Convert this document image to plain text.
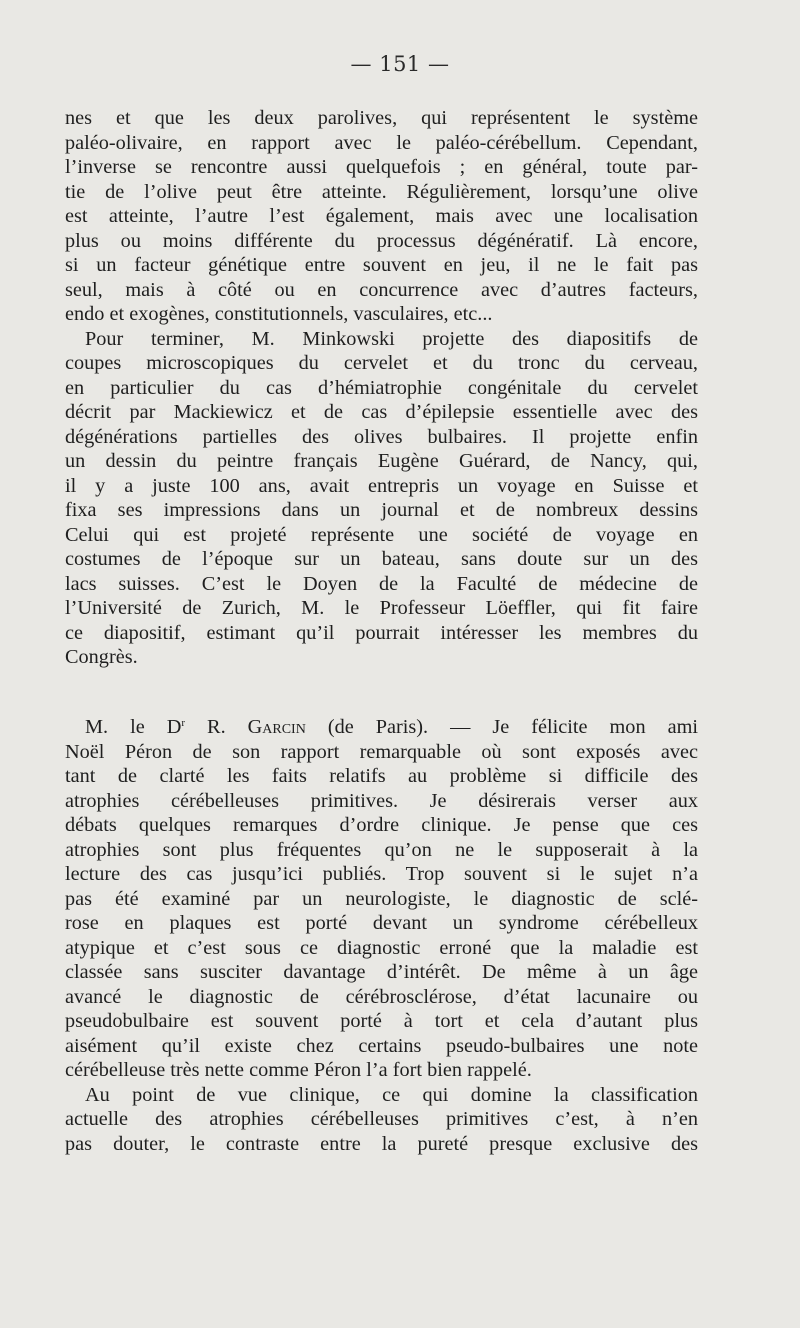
— 151 —
nes et que les deux parolives, qui représentent le système
paléo-olivaire, en rapport avec le paléo-cérébellum. Cependant,
l’inverse se rencontre aussi quelquefois ; en général, toute par-
tie de l’olive peut être atteinte. Régulièrement, lorsqu’une olive
est atteinte, l’autre l’est également, mais avec une localisation
plus ou moins différente du processus dégénératif. Là encore,
si un facteur génétique entre souvent en jeu, il ne le fait pas
seul, mais à côté ou en concurrence avec d’autres facteurs,
endo et exogènes, constitutionnels, vasculaires, etc...
Pour terminer, M. Minkowski projette des diapositifs de
coupes microscopiques du cervelet et du tronc du cerveau,
en particulier du cas d’hémiatrophie congénitale du cervelet
décrit par Mackiewicz et de cas d’épilepsie essentielle avec des
dégénérations partielles des olives bulbaires. Il projette enfin
un dessin du peintre français Eugène Guérard, de Nancy, qui,
il y a juste 100 ans, avait entrepris un voyage en Suisse et
fixa ses impressions dans un journal et de nombreux dessins
Celui qui est projeté représente une société de voyage en
costumes de l’époque sur un bateau, sans doute sur un des
lacs suisses. C’est le Doyen de la Faculté de médecine de
l’Université de Zurich, M. le Professeur Löeffler, qui fit faire
ce diapositif, estimant qu’il pourrait intéresser les membres du
Congrès.
M. le $D^r$ R. Garcin (de Paris). — Je félicite mon ami
Noël Péron de son rapport remarquable où sont exposés avec
tant de clarté les faits relatifs au problème si difficile des
atrophies cérébelleuses primitives. Je désirerais verser aux
débats quelques remarques d’ordre clinique. Je pense que ces
atrophies sont plus fréquentes qu’on ne le supposerait à la
lecture des cas jusqu’ici publiés. Trop souvent si le sujet n’a
pas été examiné par un neurologiste, le diagnostic de sclé-
rose en plaques est porté devant un syndrome cérébelleux
atypique et c’est sous ce diagnostic erroné que la maladie est
classée sans susciter davantage d’intérêt. De même à un âge
avancé le diagnostic de cérébrosclérose, d’état lacunaire ou
pseudobulbaire est souvent porté à tort et cela d’autant plus
aisément qu’il existe chez certains pseudo-bulbaires une note
cérébelleuse très nette comme Péron l’a fort bien rappelé.
Au point de vue clinique, ce qui domine la classification
actuelle des atrophies cérébelleuses primitives c’est, à n’en
pas douter, le contraste entre la pureté presque exclusive des
